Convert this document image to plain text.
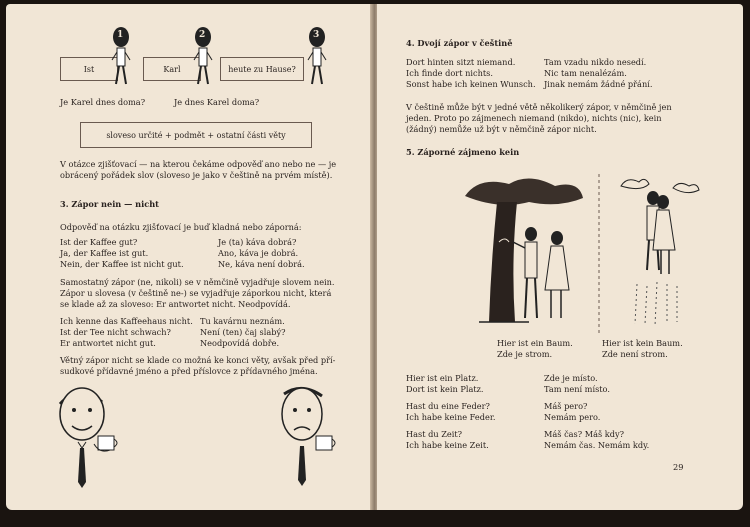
Ist	Karl	heute zu Hause?
1	2	3
Je Karel dnes doma?	Je dnes Karel doma?
sloveso určité + podmět + ostatní části věty
V otázce zjišťovací — na kterou čekáme odpověď ano nebo ne — je
obrácený pořádek slov (sloveso je jako v češtině na prvém místě).
3. Zápor nein — nicht
Odpověď na otázku zjišťovací je buď kladná nebo záporná:
Ist der Kaffee gut?	Je (ta) káva dobrá?
Ja, der Kaffee ist gut.	Ano, káva je dobrá.
Nein, der Kaffee ist nicht gut.	Ne, káva není dobrá.
Samostatný zápor (ne, nikoli) se v němčině vyjadřuje slovem nein.
Zápor u slovesa (v češtině ne-) se vyjadřuje záporkou nicht, která
se klade až za sloveso: Er antwortet nicht. Neodpovídá.
Ich kenne das Kaffeehaus nicht. Tu kavárnu neznám.
Ist der Tee nicht schwach?	Není (ten) čaj slabý?
Er antwortet nicht gut.	Neodpovídá dobře.
Větný zápor nicht se klade co možná ke konci věty, avšak před pří-
sudkové přídavné jméno a před příslovce z přídavného jména.
4. Dvojí zápor v češtině
Dort hinten sitzt niemand.	Tam vzadu nikdo nesedí.
Ich finde dort nichts.	Nic tam nenalézám.
Sonst habe ich keinen Wunsch. Jinak nemám žádné přání.
V češtině může být v jedné větě několikerý zápor, v němčině jen
jeden. Proto po zájmenech niemand (nikdo), nichts (nic), kein
(žádný) nemůže už být v němčině zápor nicht.
5. Záporné zájmeno kein
Hier ist ein Baum.
Zde je strom.
Hier ist kein Baum.
Zde není strom.
Hier ist ein Platz.	Zde je místo.
Dort ist kein Platz.	Tam není místo.
Hast du eine Feder?	Máš pero?
Ich habe keine Feder.	Nemám pero.
Hast du Zeit?	Máš čas? Máš kdy?
Ich habe keine Zeit.	Nemám čas. Nemám kdy.
29
